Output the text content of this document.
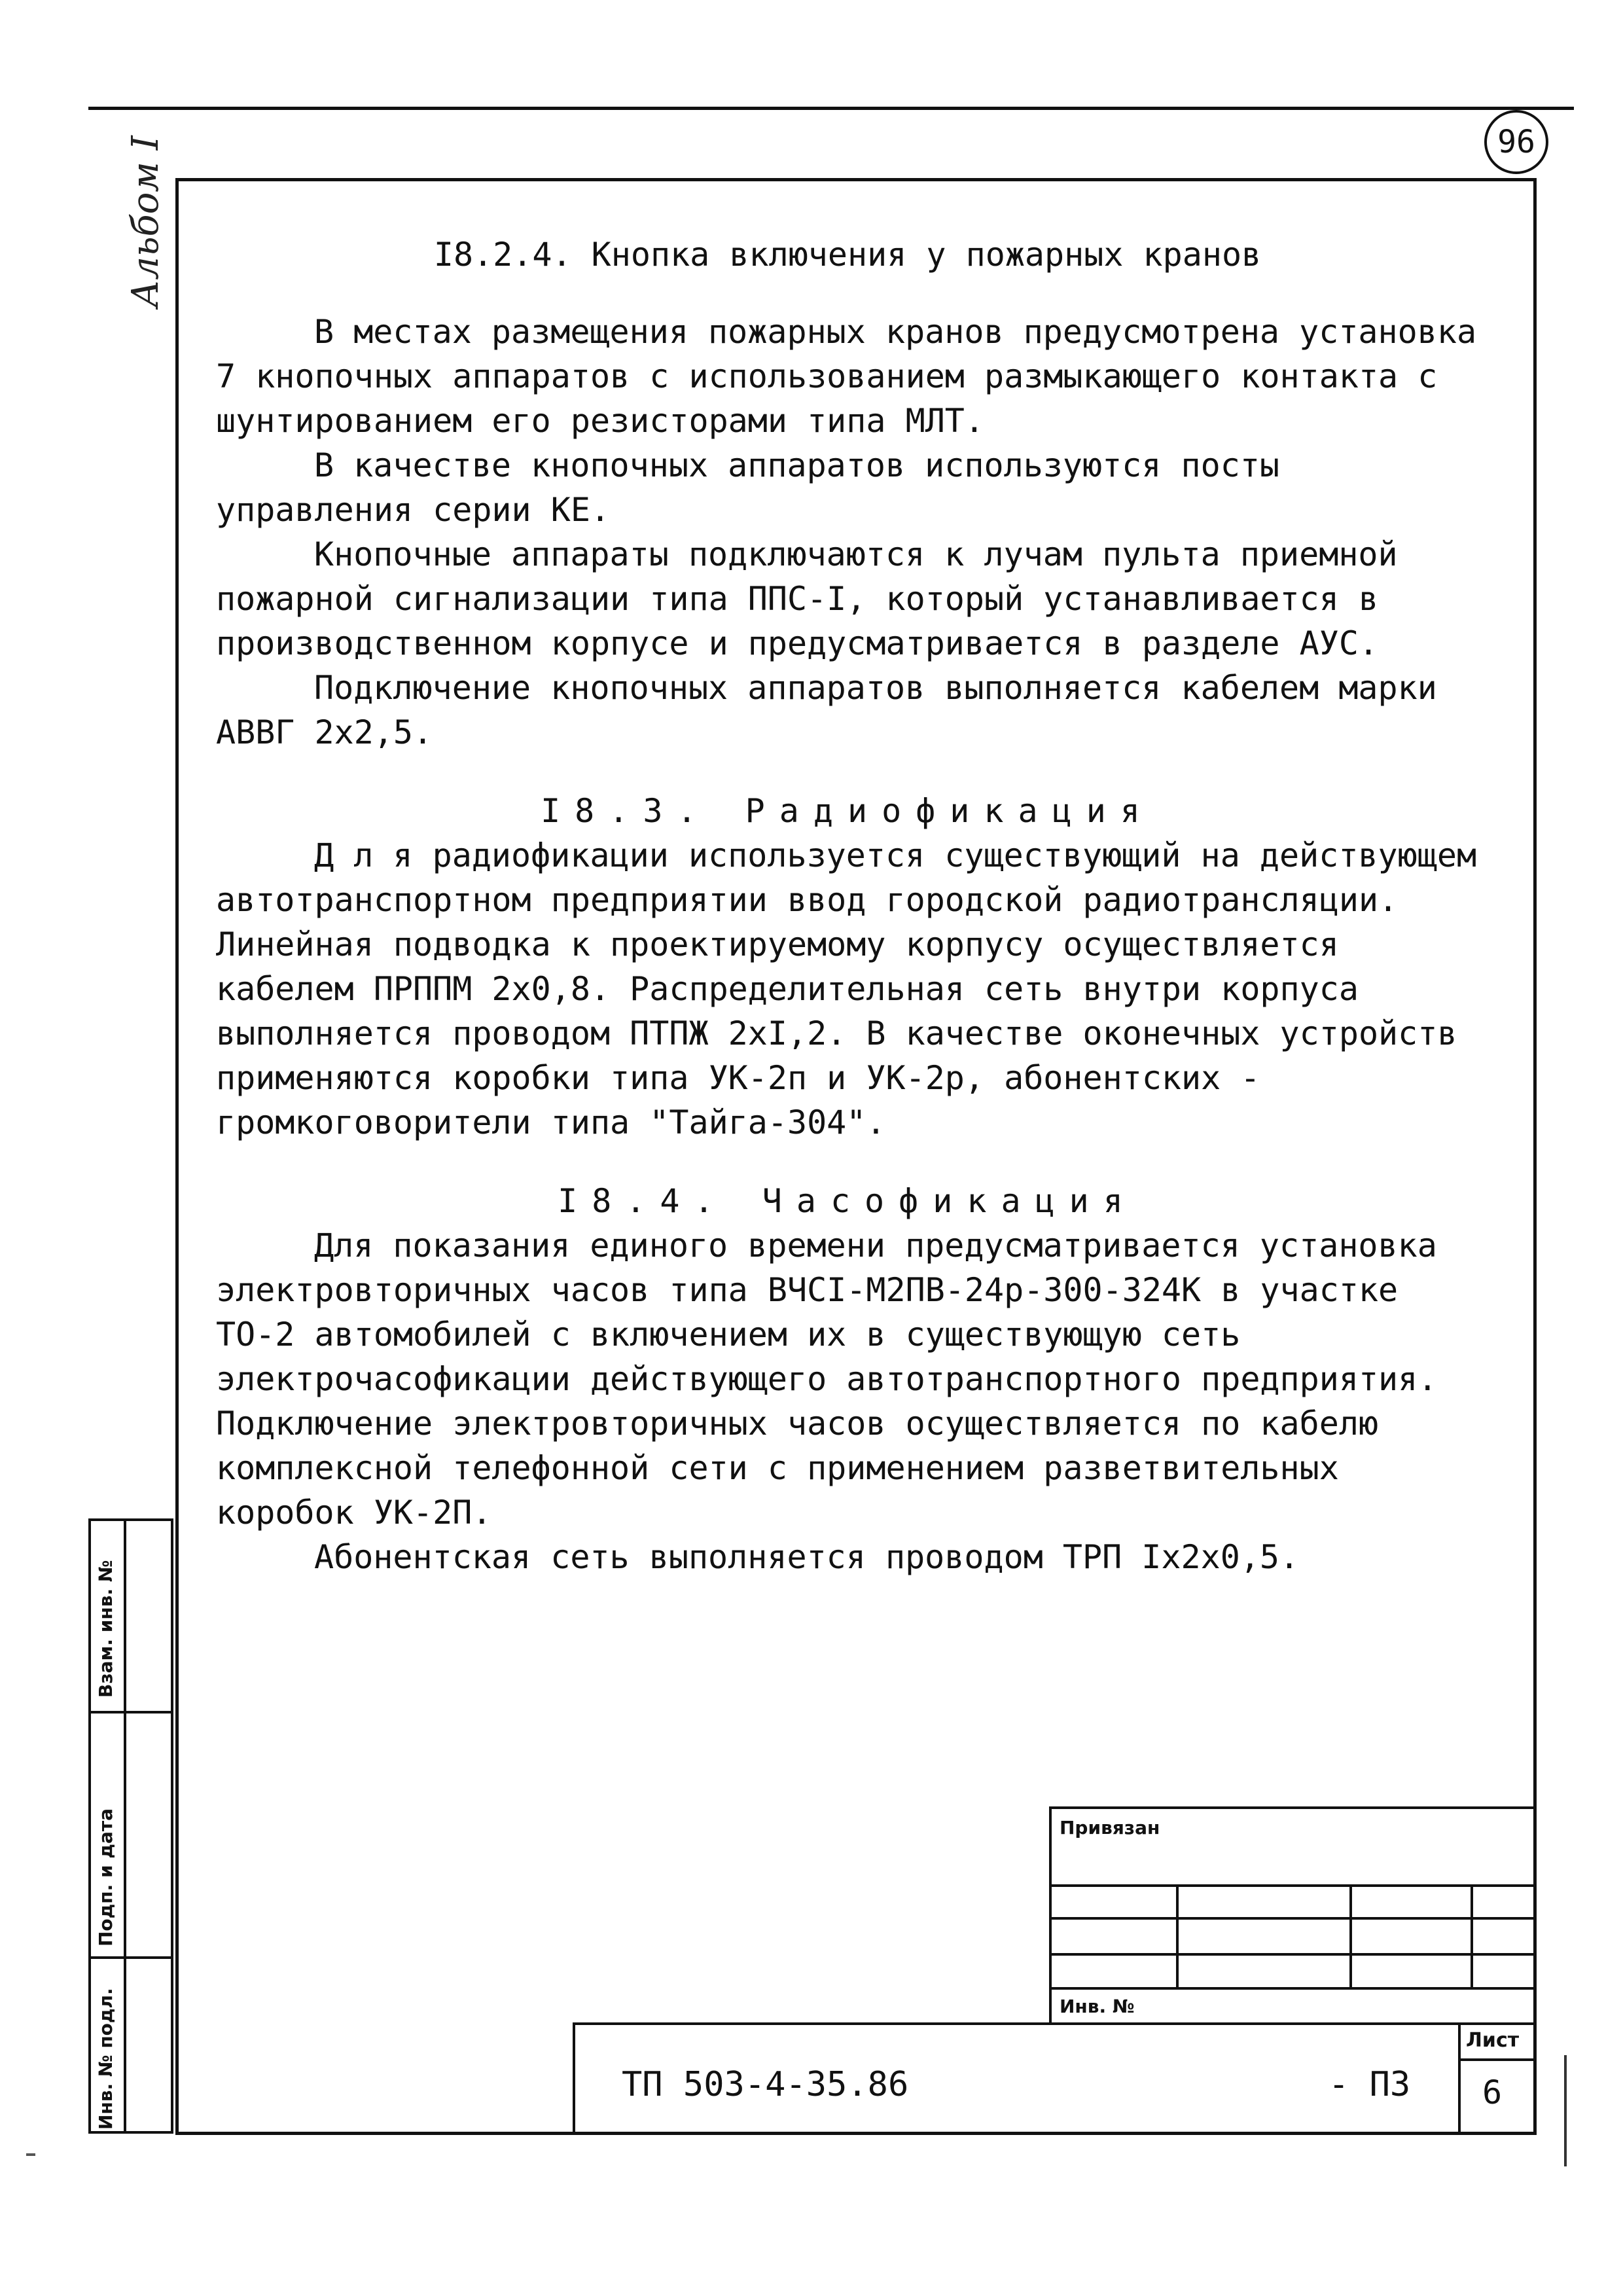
96
Альбом I	I8.2.4. Кнопка включения у пожарных кранов

В местах размещения пожарных кранов предусмотрена установка 7 кнопочных аппаратов с использованием размыкающего контакта с шунтированием его резисторами типа МЛТ.

В качестве кнопочных аппаратов используются посты управления серии КЕ.

Кнопочные аппараты подключаются к лучам пульта приемной пожарной сигнализации типа ППС-I, который устанавливается в производственном корпусе и предусматривается в разделе АУС.

Подключение кнопочных аппаратов выполняется кабелем марки АВВГ 2х2,5.

I8.3. Радиофикация

Д л я радиофикации используется существующий на действующем автотранспортном предприятии ввод городской радиотрансляции. Линейная подводка к проектируемому корпусу осуществляется кабелем ПРППМ 2х0,8. Распределительная сеть внутри корпуса выполняется проводом ПТПЖ 2хI,2. В качестве оконечных устройств применяются коробки типа УК-2п и УК-2р, абонентских - громкоговорители типа "Тайга-304".

I8.4. Часофикация

Для показания единого времени предусматривается установка электровторичных часов типа ВЧСI-М2ПВ-24р-300-324К в участке ТО-2 автомобилей с включением их в существующую сеть электрочасофикации действующего автотранспортного предприятия. Подключение электровторичных часов осуществляется по кабелю комплексной телефонной сети с применением разветвительных коробок УК-2П.

Абонентская сеть выполняется проводом ТРП Iх2х0,5.

Взам. инв. №
Подп. и дата
Инв. № подл.
Привязан
Инв. №
ТП 503-4-35.86	- ПЗ
Лист
6
